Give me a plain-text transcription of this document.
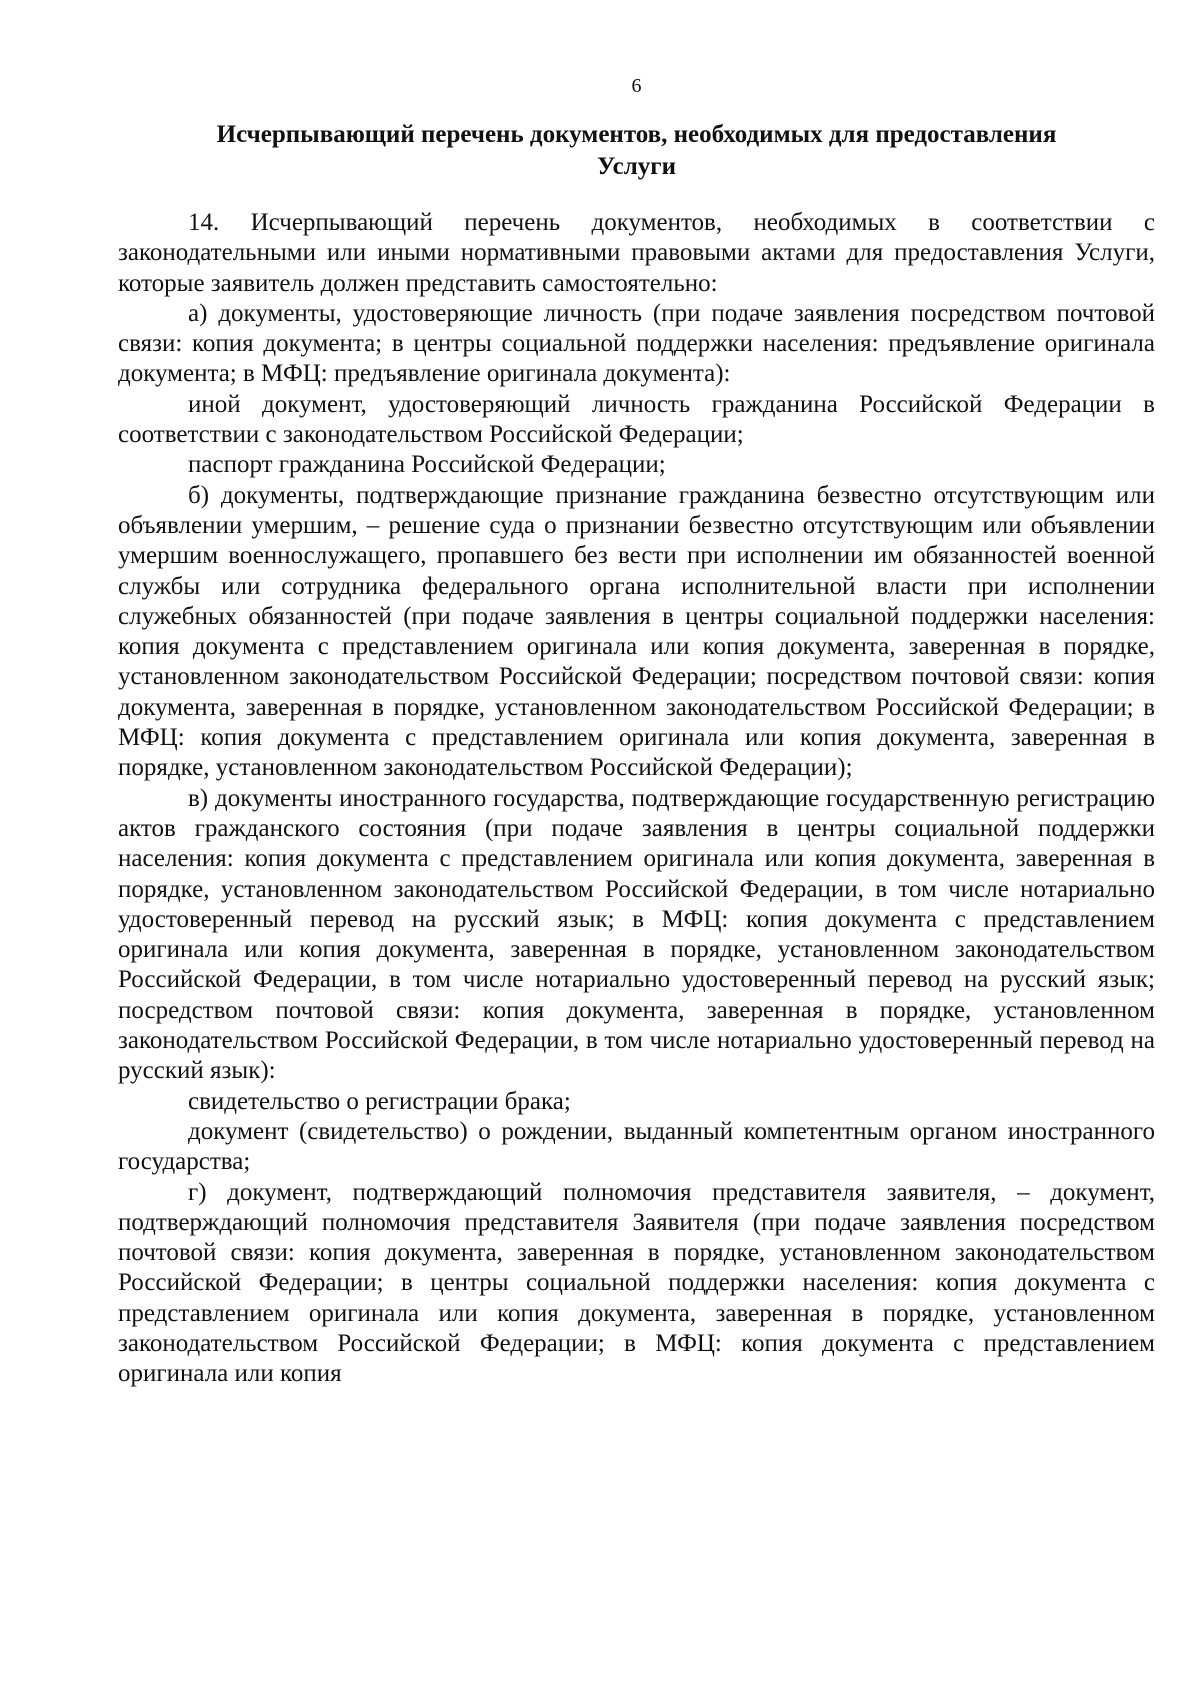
6
Исчерпывающий перечень документов, необходимых для предоставления
Услуги

14. Исчерпывающий перечень документов, необходимых в соответствии с законодательными или иными нормативными правовыми актами для предоставления Услуги, которые заявитель должен представить самостоятельно:

а) документы, удостоверяющие личность (при подаче заявления посредством почтовой связи: копия документа; в центры социальной поддержки населения: предъявление оригинала документа; в МФЦ: предъявление оригинала документа):

иной документ, удостоверяющий личность гражданина Российской Федерации в соответствии с законодательством Российской Федерации;

паспорт гражданина Российской Федерации;

б) документы, подтверждающие признание гражданина безвестно отсутствующим или объявлении умершим, – решение суда о признании безвестно отсутствующим или объявлении умершим военнослужащего, пропавшего без вести при исполнении им обязанностей военной службы или сотрудника федерального органа исполнительной власти при исполнении служебных обязанностей (при подаче заявления в центры социальной поддержки населения: копия документа с представлением оригинала или копия документа, заверенная в порядке, установленном законодательством Российской Федерации; посредством почтовой связи: копия документа, заверенная в порядке, установленном законодательством Российской Федерации; в МФЦ: копия документа с представлением оригинала или копия документа, заверенная в порядке, установленном законодательством Российской Федерации);

в) документы иностранного государства, подтверждающие государственную регистрацию актов гражданского состояния (при подаче заявления в центры социальной поддержки населения: копия документа с представлением оригинала или копия документа, заверенная в порядке, установленном законодательством Российской Федерации, в том числе нотариально удостоверенный перевод на русский язык; в МФЦ: копия документа с представлением оригинала или копия документа, заверенная в порядке, установленном законодательством Российской Федерации, в том числе нотариально удостоверенный перевод на русский язык; посредством почтовой связи: копия документа, заверенная в порядке, установленном законодательством Российской Федерации, в том числе нотариально удостоверенный перевод на русский язык):

свидетельство о регистрации брака;

документ (свидетельство) о рождении, выданный компетентным органом иностранного государства;

г) документ, подтверждающий полномочия представителя заявителя, – документ, подтверждающий полномочия представителя Заявителя (при подаче заявления посредством почтовой связи: копия документа, заверенная в порядке, установленном законодательством Российской Федерации; в центры социальной поддержки населения: копия документа с представлением оригинала или копия документа, заверенная в порядке, установленном законодательством Российской Федерации; в МФЦ: копия документа с представлением оригинала или копия
